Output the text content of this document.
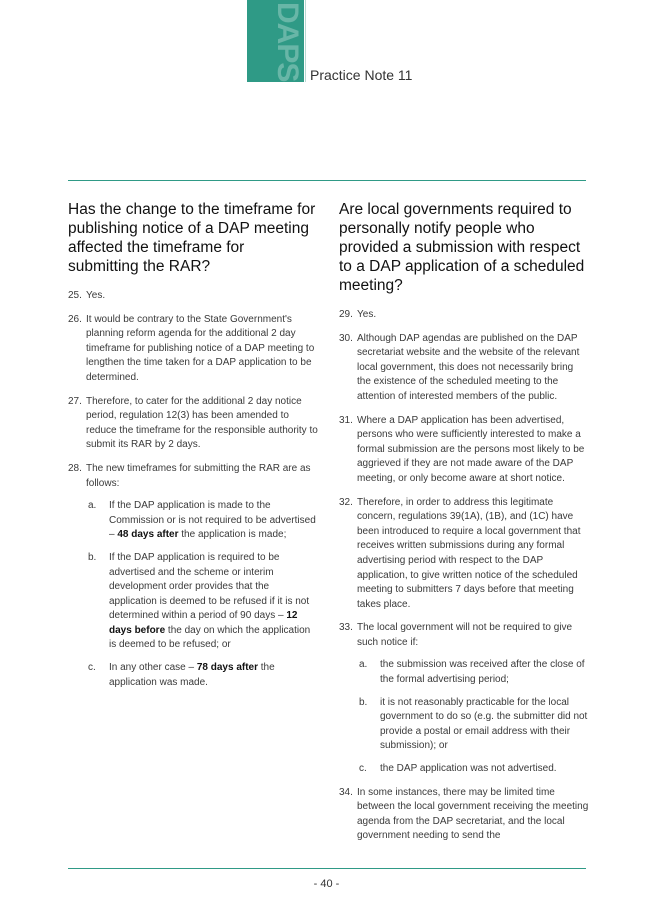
DAPS Practice Note 11
Has the change to the timeframe for publishing notice of a DAP meeting affected the timeframe for submitting the RAR?
25. Yes.
26. It would be contrary to the State Government's planning reform agenda for the additional 2 day timeframe for publishing notice of a DAP meeting to lengthen the time taken for a DAP application to be determined.
27. Therefore, to cater for the additional 2 day notice period, regulation 12(3) has been amended to reduce the timeframe for the responsible authority to submit its RAR by 2 days.
28. The new timeframes for submitting the RAR are as follows:
a.	If the DAP application is made to the Commission or is not required to be advertised – 48 days after the application is made;
b.	If the DAP application is required to be advertised and the scheme or interim development order provides that the application is deemed to be refused if it is not determined within a period of 90 days – 12 days before the day on which the application is deemed to be refused; or
c.	In any other case – 78 days after the application was made.
Are local governments required to personally notify people who provided a submission with respect to a DAP application of a scheduled meeting?
29. Yes.
30. Although DAP agendas are published on the DAP secretariat website and the website of the relevant local government, this does not necessarily bring the existence of the scheduled meeting to the attention of interested members of the public.
31. Where a DAP application has been advertised, persons who were sufficiently interested to make a formal submission are the persons most likely to be aggrieved if they are not made aware of the DAP meeting, or only become aware at short notice.
32. Therefore, in order to address this legitimate concern, regulations 39(1A), (1B), and (1C) have been introduced to require a local government that receives written submissions during any formal advertising period with respect to the DAP application, to give written notice of the scheduled meeting to submitters 7 days before that meeting takes place.
33. The local government will not be required to give such notice if:
a.	the submission was received after the close of the formal advertising period;
b.	it is not reasonably practicable for the local government to do so (e.g. the submitter did not provide a postal or email address with their submission); or
c.	the DAP application was not advertised.
34. In some instances, there may be limited time between the local government receiving the meeting agenda from the DAP secretariat, and the local government needing to send the
- 40 -
